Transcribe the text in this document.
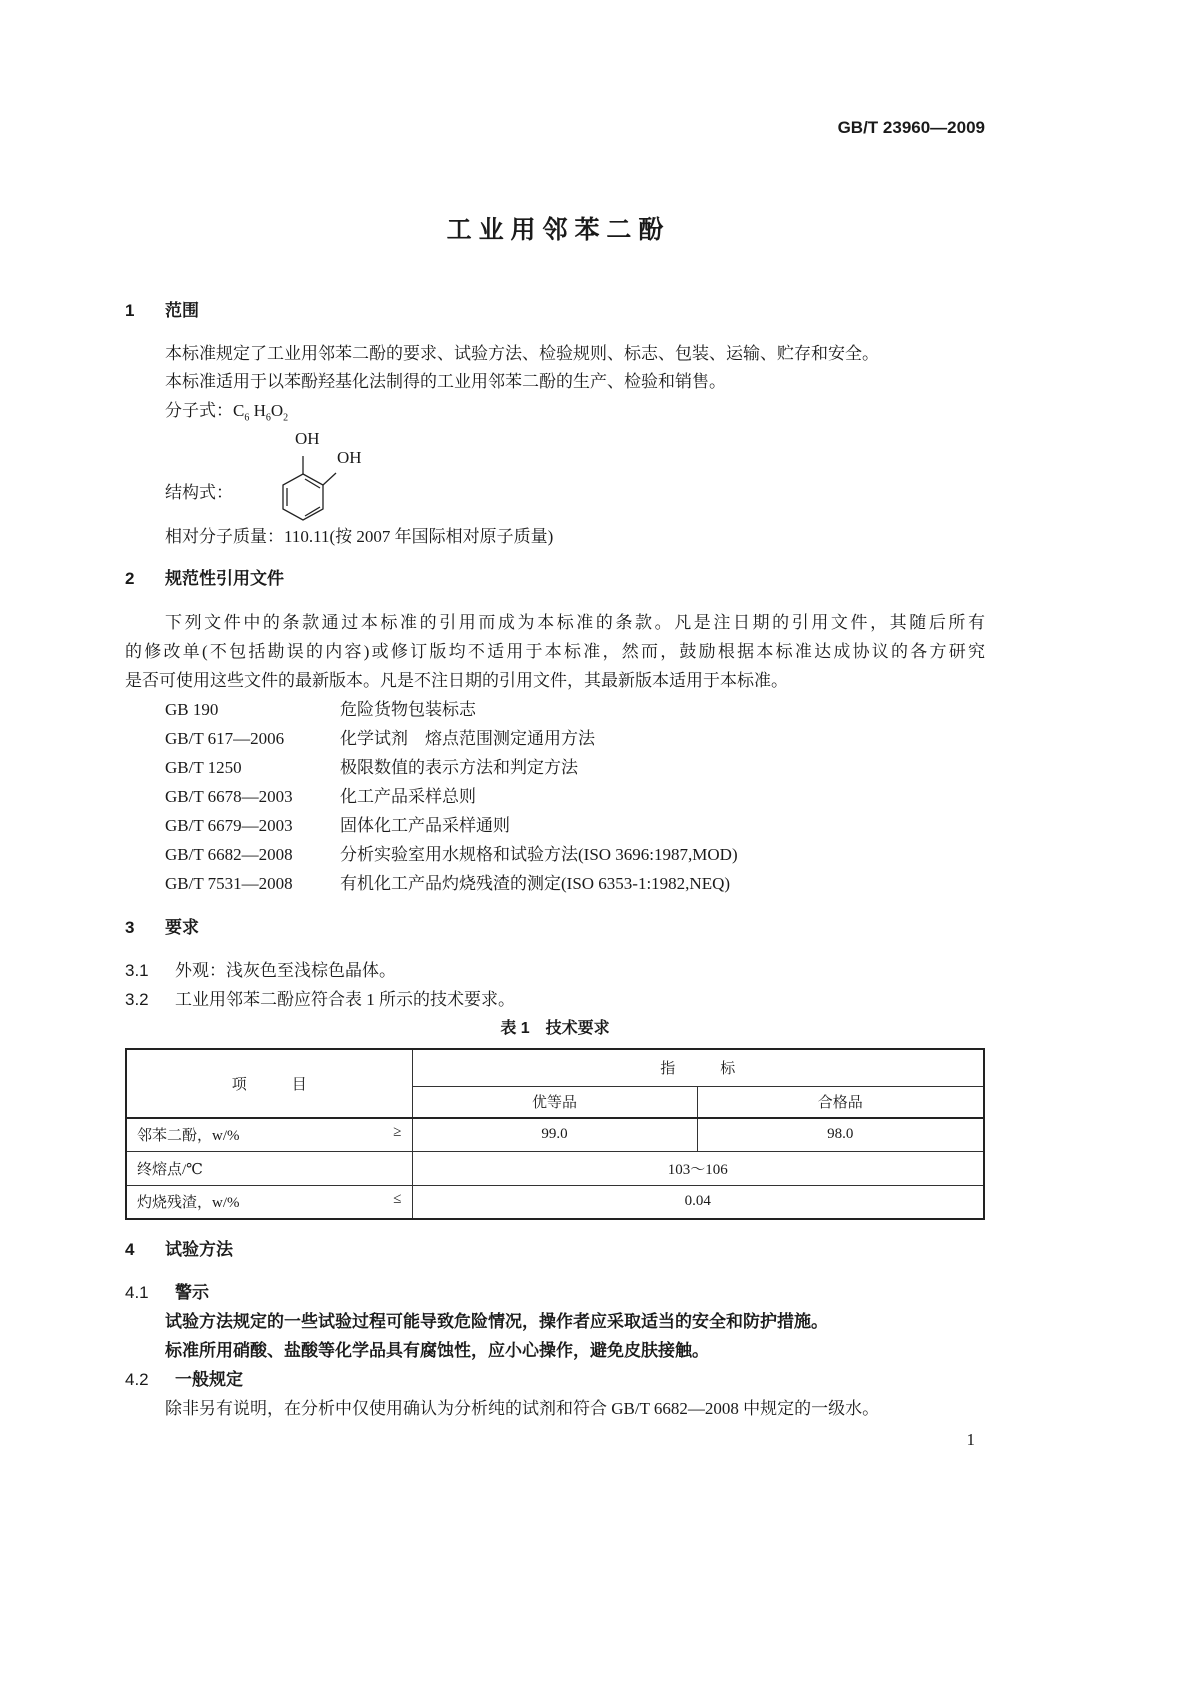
GB/T 23960—2009
工 业 用 邻 苯 二 酚
1 范围
本标准规定了工业用邻苯二酚的要求、试验方法、检验规则、标志、包装、运输、贮存和安全。
本标准适用于以苯酚羟基化法制得的工业用邻苯二酚的生产、检验和销售。
分子式：$C_6$ $H_6O_2$
OH
OH
结构式：
相对分子质量：110.11(按 2007 年国际相对原子质量)
2 规范性引用文件
下列文件中的条款通过本标准的引用而成为本标准的条款。凡是注日期的引用文件，其随后所有
的修改单(不包括勘误的内容)或修订版均不适用于本标准，然而，鼓励根据本标准达成协议的各方研究
是否可使用这些文件的最新版本。凡是不注日期的引用文件，其最新版本适用于本标准。
GB 190	危险货物包装标志
GB/T 617—2006	化学试剂　熔点范围测定通用方法
GB/T 1250	极限数值的表示方法和判定方法
GB/T 6678—2003	化工产品采样总则
GB/T 6679—2003	固体化工产品采样通则
GB/T 6682—2008	分析实验室用水规格和试验方法(ISO 3696:1987,MOD)
GB/T 7531—2008	有机化工产品灼烧残渣的测定(ISO 6353-1:1982,NEQ)
3 要求
3.1 外观：浅灰色至浅棕色晶体。
3.2 工业用邻苯二酚应符合表 1 所示的技术要求。
表 1　技术要求
项　　　目	指　　　标	
	优等品	合格品
邻苯二酚，w/% ≥	99.0	98.0
终熔点/℃	103～106	
灼烧残渣，w/% ≤	0.04	
4 试验方法
4.1 警示
试验方法规定的一些试验过程可能导致危险情况，操作者应采取适当的安全和防护措施。
标准所用硝酸、盐酸等化学品具有腐蚀性，应小心操作，避免皮肤接触。
4.2 一般规定
除非另有说明，在分析中仅使用确认为分析纯的试剂和符合 GB/T 6682—2008 中规定的一级水。
1
